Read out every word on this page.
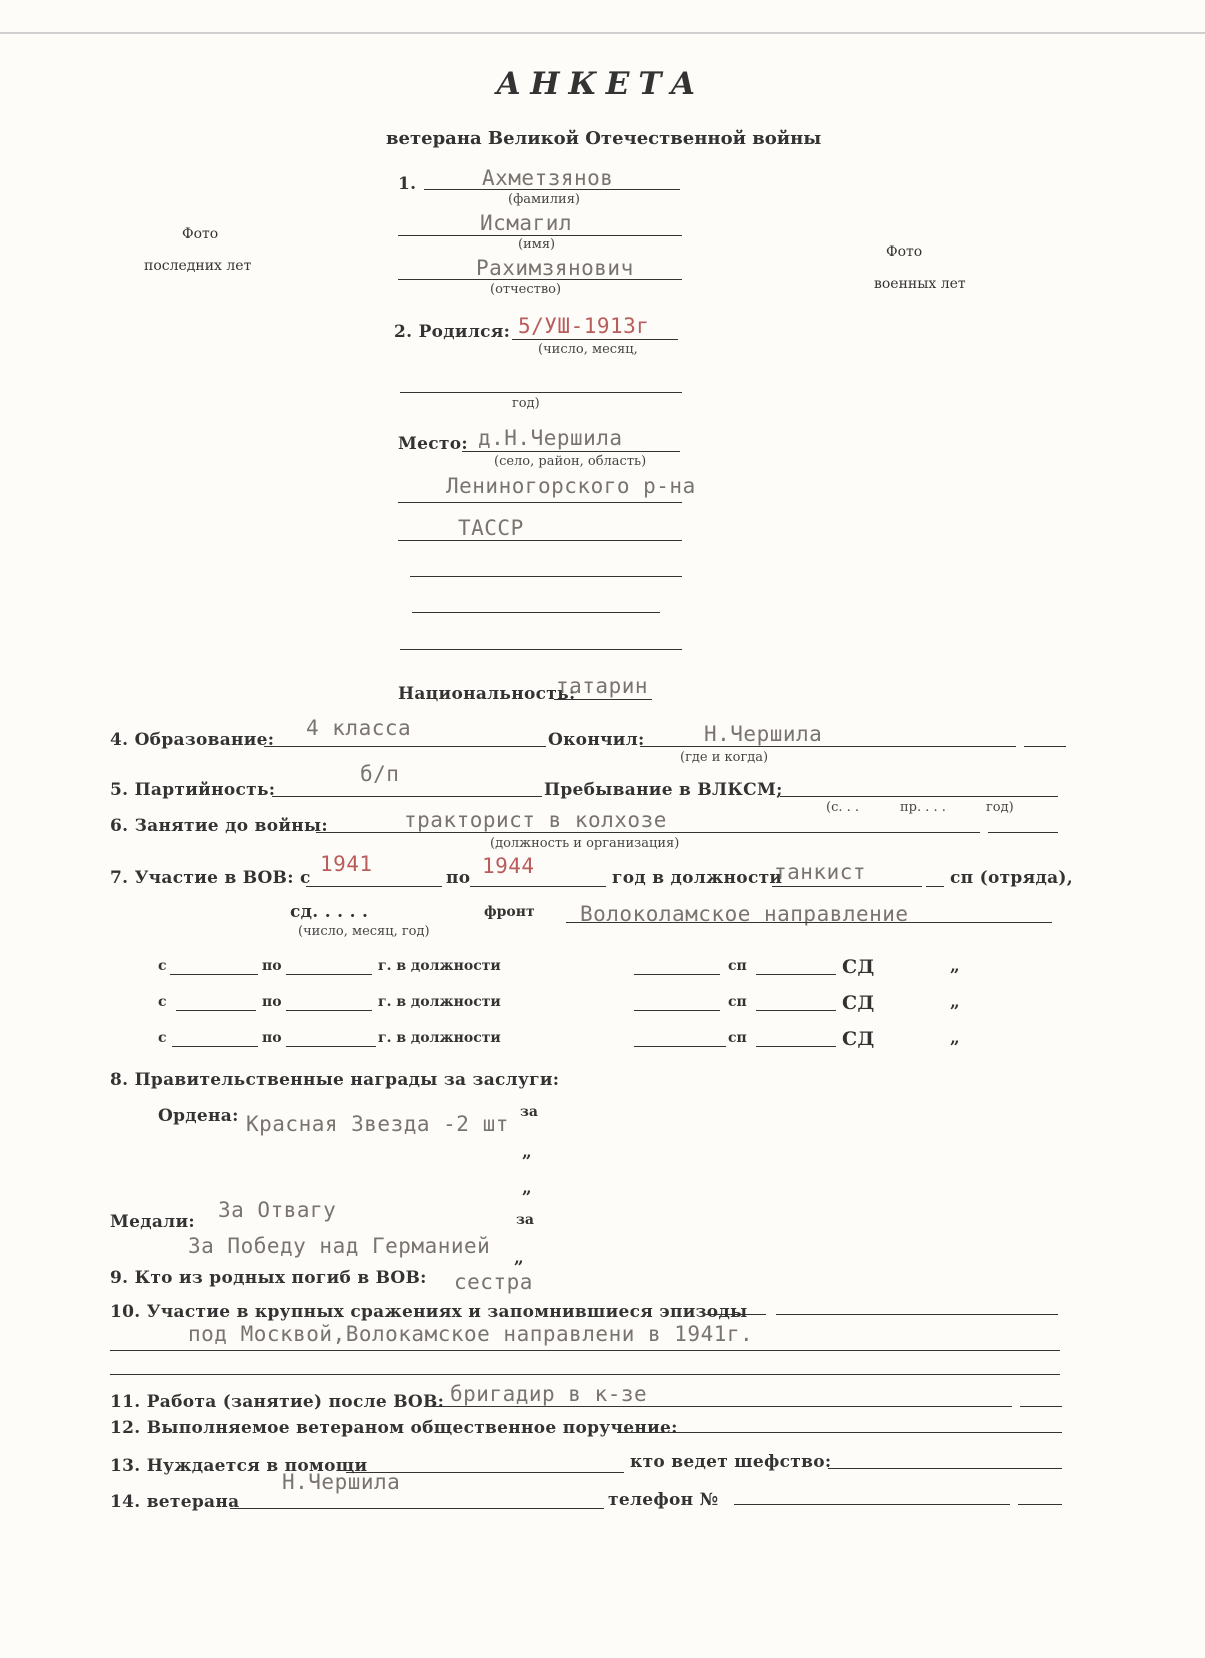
АНКЕТА
ветерана Великой Отечественной войны
Фото
последних лет
Фото
военных лет
1.	Ахметзянов
(фамилия)
Исмагил
(имя)
Рахимзянович
(отчество)
2. Родился: 5/УШ-1913г
(число, месяц,
год)
Место: д.Н.Чершила
(село, район, область)
Лениногорского р-на
ТАССР
Национальность:
татарин
4. Образование: 4 класса	Окончил:	Н.Чершила
(где и когда)
5. Партийность:
б/п
Пребывание в ВЛКСМ;
(с. . .	пр. . . .	год)
6. Занятие до войны:	тракторист в колхозе
(должность и организация)
7. Участие в ВОВ: с
1941
по 1944	год в должности
танкист	сп (отряда),
сд. . . . .	фронт Волоколамское направление
(число, месяц, год)
с	по	г. в должности	сп	СД	„
с	по	г. в должности	сп	СД	„
с	по	г. в должности	сп	СД	„
8. Правительственные награды за заслуги:
Ордена: Красная Звезда -2 шт за
„
„
Медали: За Отвагу	за
За Победу над Германией „
9. Кто из родных погиб в ВОВ: сестра
10. Участие в крупных сражениях и запомнившиеся эпизоды
под Москвой,Волокамское направлени в 1941г.
11. Работа (занятие) после ВОВ: бригадир в к-зе
12. Выполняемое ветераном общественное поручение:
13. Нуждается в помощи	кто ведет шефство:
14. ветерана
Н.Чершила
телефон №
